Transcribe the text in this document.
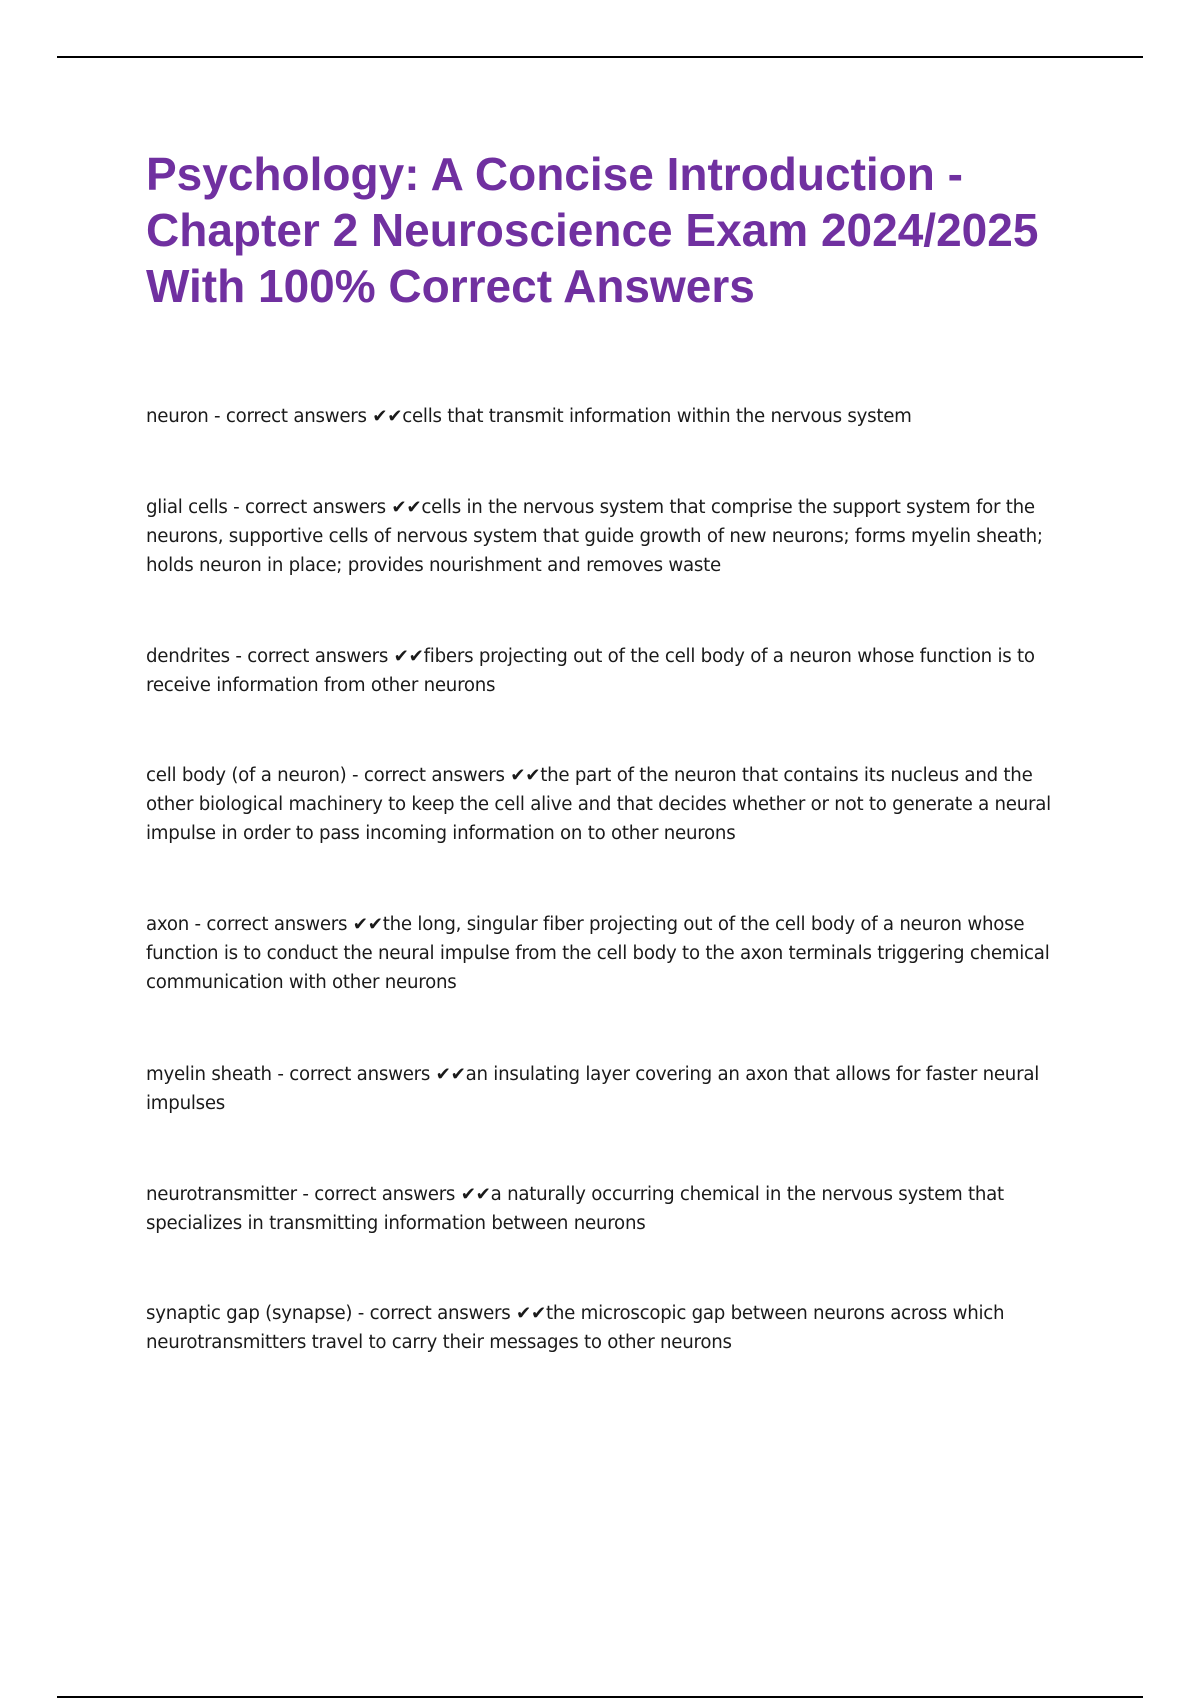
Psychology: A Concise Introduction -
Chapter 2 Neuroscience Exam 2024/2025
With 100% Correct Answers
neuron - correct answers ✔✔cells that transmit information within the nervous system
glial cells - correct answers ✔✔cells in the nervous system that comprise the support system for the
neurons, supportive cells of nervous system that guide growth of new neurons; forms myelin sheath;
holds neuron in place; provides nourishment and removes waste
dendrites - correct answers ✔✔fibers projecting out of the cell body of a neuron whose function is to
receive information from other neurons
cell body (of a neuron) - correct answers ✔✔the part of the neuron that contains its nucleus and the
other biological machinery to keep the cell alive and that decides whether or not to generate a neural
impulse in order to pass incoming information on to other neurons
axon - correct answers ✔✔the long, singular fiber projecting out of the cell body of a neuron whose
function is to conduct the neural impulse from the cell body to the axon terminals triggering chemical
communication with other neurons
myelin sheath - correct answers ✔✔an insulating layer covering an axon that allows for faster neural
impulses
neurotransmitter - correct answers ✔✔a naturally occurring chemical in the nervous system that
specializes in transmitting information between neurons
synaptic gap (synapse) - correct answers ✔✔the microscopic gap between neurons across which
neurotransmitters travel to carry their messages to other neurons
